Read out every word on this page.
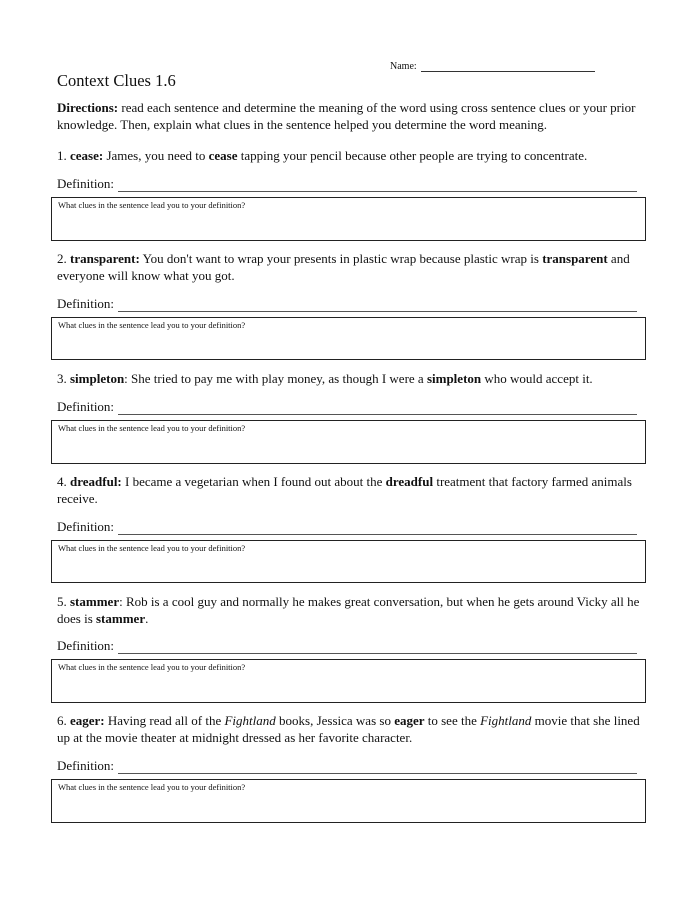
Name:
Context Clues 1.6
Directions: read each sentence and determine the meaning of the word using cross sentence clues or your prior knowledge. Then, explain what clues in the sentence helped you determine the word meaning.
1. cease: James, you need to cease tapping your pencil because other people are trying to concentrate.
Definition:
What clues in the sentence lead you to your definition?
2. transparent: You don't want to wrap your presents in plastic wrap because plastic wrap is transparent and everyone will know what you got.
Definition:
What clues in the sentence lead you to your definition?
3. simpleton: She tried to pay me with play money, as though I were a simpleton who would accept it.
Definition:
What clues in the sentence lead you to your definition?
4. dreadful: I became a vegetarian when I found out about the dreadful treatment that factory farmed animals receive.
Definition:
What clues in the sentence lead you to your definition?
5. stammer: Rob is a cool guy and normally he makes great conversation, but when he gets around Vicky all he does is stammer.
Definition:
What clues in the sentence lead you to your definition?
6. eager: Having read all of the Fightland books, Jessica was so eager to see the Fightland movie that she lined up at the movie theater at midnight dressed as her favorite character.
Definition:
What clues in the sentence lead you to your definition?
